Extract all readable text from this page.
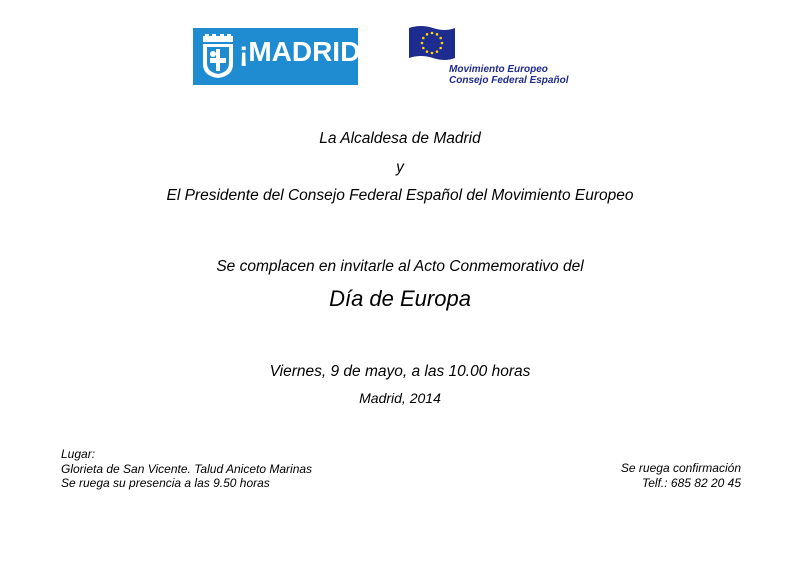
¡MADRID!
Movimiento Europeo
Consejo Federal Español
La Alcaldesa de Madrid
y
El Presidente del Consejo Federal Español del Movimiento Europeo
Se complacen en invitarle al Acto Conmemorativo del
Día de Europa
Viernes, 9 de mayo, a las 10.00 horas
Madrid, 2014
Lugar:
Glorieta de San Vicente. Talud Aniceto Marinas
Se ruega su presencia a las 9.50 horas
Se ruega confirmación
Telf.: 685 82 20 45
